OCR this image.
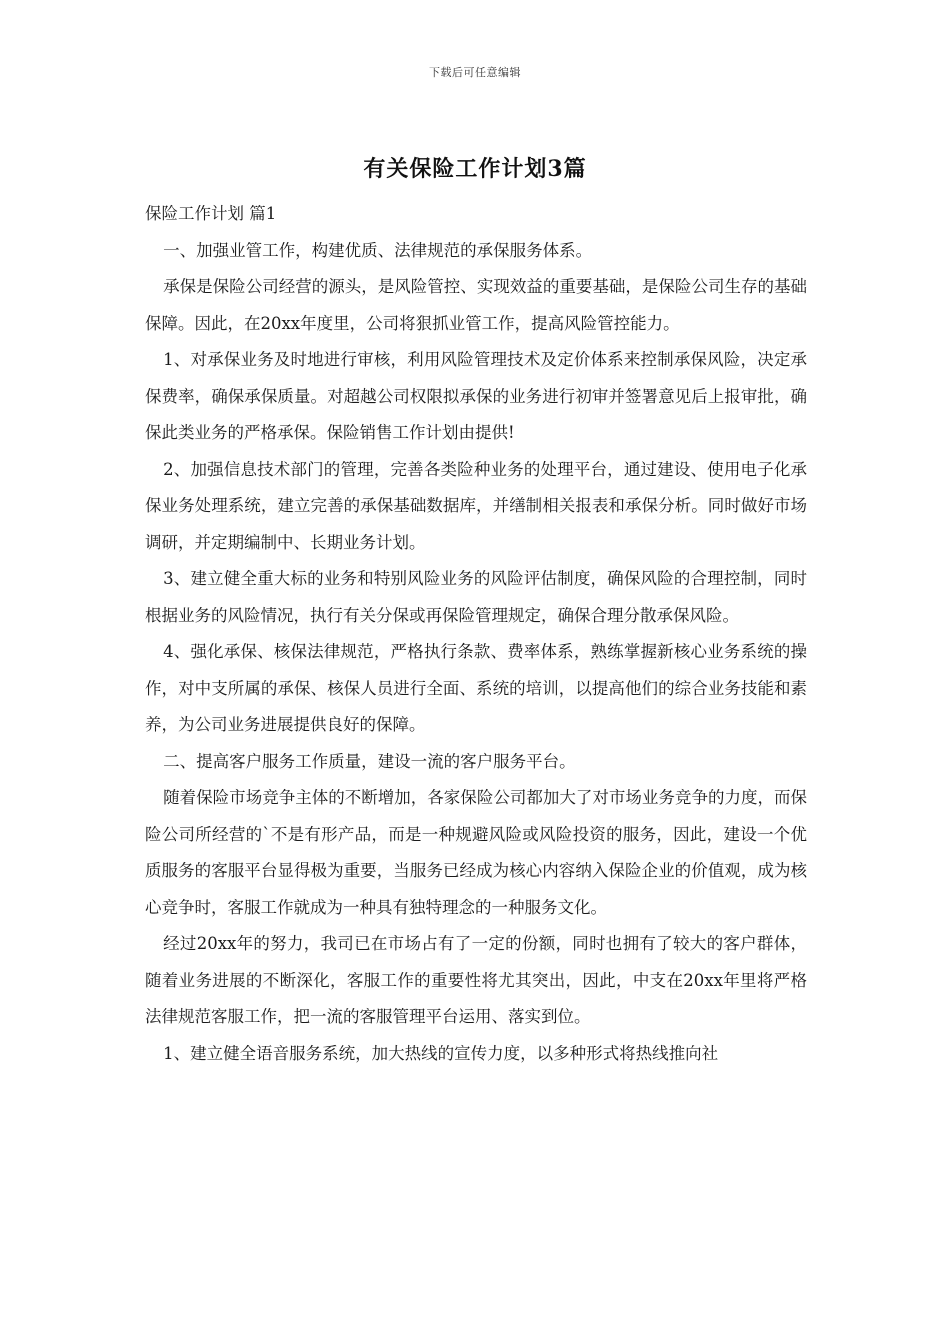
下载后可任意编辑
有关保险工作计划3篇

保险工作计划 篇1

一、加强业管工作，构建优质、法律规范的承保服务体系。

承保是保险公司经营的源头，是风险管控、实现效益的重要基础，是保险公司生存的基础保障。因此，在20xx年度里，公司将狠抓业管工作，提高风险管控能力。

1、对承保业务及时地进行审核，利用风险管理技术及定价体系来控制承保风险，决定承保费率，确保承保质量。对超越公司权限拟承保的业务进行初审并签署意见后上报审批，确保此类业务的严格承保。保险销售工作计划由提供!

2、加强信息技术部门的管理，完善各类险种业务的处理平台，通过建设、使用电子化承保业务处理系统，建立完善的承保基础数据库，并缮制相关报表和承保分析。同时做好市场调研，并定期编制中、长期业务计划。

3、建立健全重大标的业务和特别风险业务的风险评估制度，确保风险的合理控制，同时根据业务的风险情况，执行有关分保或再保险管理规定，确保合理分散承保风险。

4、强化承保、核保法律规范，严格执行条款、费率体系，熟练掌握新核心业务系统的操作，对中支所属的承保、核保人员进行全面、系统的培训，以提高他们的综合业务技能和素养，为公司业务进展提供良好的保障。

二、提高客户服务工作质量，建设一流的客户服务平台。

随着保险市场竞争主体的不断增加，各家保险公司都加大了对市场业务竞争的力度，而保险公司所经营的`不是有形产品，而是一种规避风险或风险投资的服务，因此，建设一个优质服务的客服平台显得极为重要，当服务已经成为核心内容纳入保险企业的价值观，成为核心竞争时，客服工作就成为一种具有独特理念的一种服务文化。

经过20xx年的努力，我司已在市场占有了一定的份额，同时也拥有了较大的客户群体，随着业务进展的不断深化，客服工作的重要性将尤其突出，因此，中支在20xx年里将严格法律规范客服工作，把一流的客服管理平台运用、落实到位。

1、建立健全语音服务系统，加大热线的宣传力度，以多种形式将热线推向社
